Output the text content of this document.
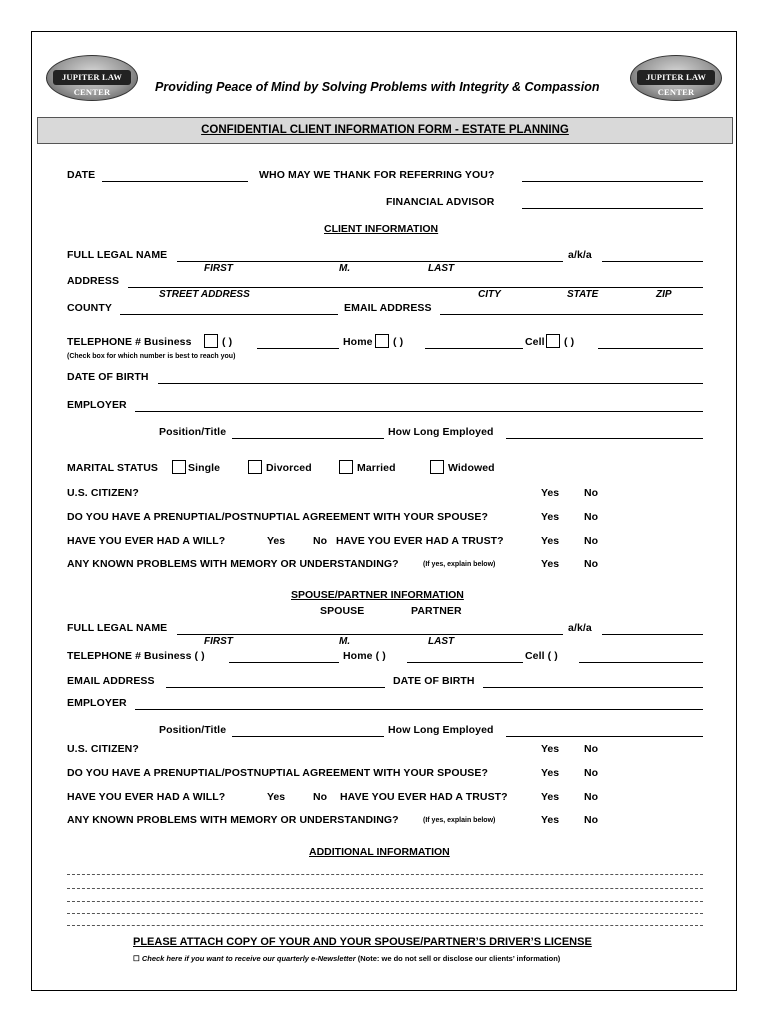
JUPITER LAW CENTER	Providing Peace of Mind by Solving Problems with Integrity & Compassion
JUPITER LAW CENTER
CONFIDENTIAL CLIENT INFORMATION FORM - ESTATE PLANNING
DATE	WHO MAY WE THANK FOR REFERRING YOU?
FINANCIAL ADVISOR
CLIENT INFORMATION
FULL LEGAL NAME	a/k/a
FIRST	M.	LAST
ADDRESS
STREET ADDRESS	CITY	STATE	ZIP
COUNTY	EMAIL ADDRESS
TELEPHONE # Business	( )	Home ( )	Cell ( )
(Check box for which number is best to reach you)
DATE OF BIRTH
EMPLOYER
Position/Title	How Long Employed
MARITAL STATUS	Single	Divorced	Married	Widowed
U.S. CITIZEN?	Yes No
DO YOU HAVE A PRENUPTIAL/POSTNUPTIAL AGREEMENT WITH YOUR SPOUSE?	Yes No
HAVE YOU EVER HAD A WILL?	Yes	No HAVE YOU EVER HAD A TRUST?	Yes No
ANY KNOWN PROBLEMS WITH MEMORY OR UNDERSTANDING?	(If yes, explain below)	Yes No
SPOUSE/PARTNER INFORMATION
SPOUSE	PARTNER
FULL LEGAL NAME	a/k/a
FIRST	M.	LAST
TELEPHONE # Business ( )	Home ( )	Cell ( )
EMAIL ADDRESS	DATE OF BIRTH
EMPLOYER
Position/Title	How Long Employed
U.S. CITIZEN?	Yes No
DO YOU HAVE A PRENUPTIAL/POSTNUPTIAL AGREEMENT WITH YOUR SPOUSE?	Yes No
HAVE YOU EVER HAD A WILL?	Yes	No HAVE YOU EVER HAD A TRUST?	Yes No
ANY KNOWN PROBLEMS WITH MEMORY OR UNDERSTANDING?	(If yes, explain below)	Yes No
ADDITIONAL INFORMATION
PLEASE ATTACH COPY OF YOUR AND YOUR SPOUSE/PARTNER’S DRIVER’S LICENSE
☐ Check here if you want to receive our quarterly e-Newsletter (Note: we do not sell or disclose our clients’ information)
